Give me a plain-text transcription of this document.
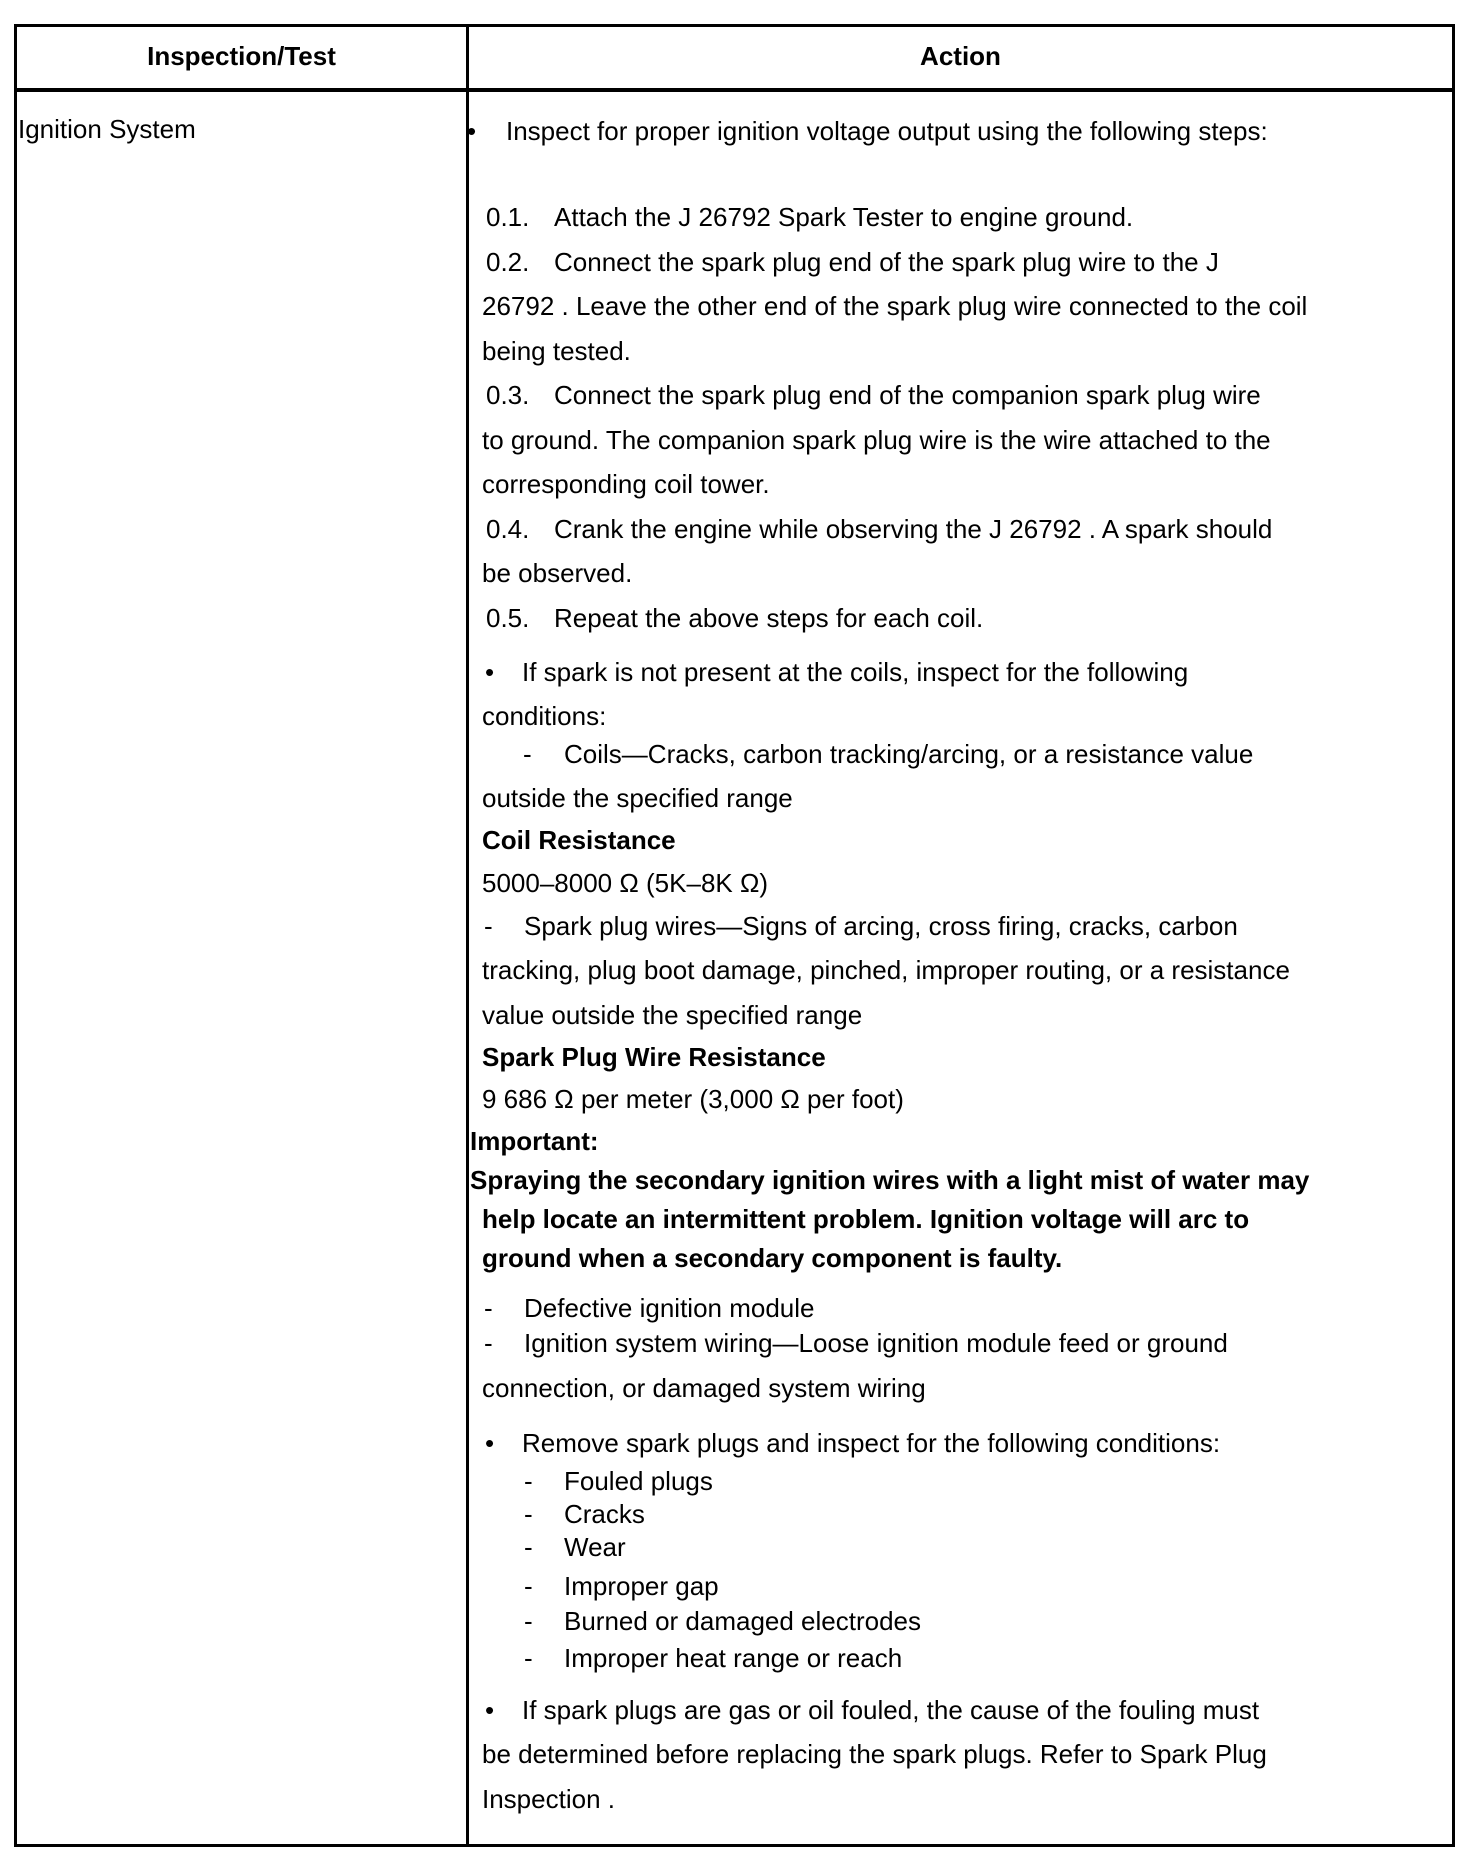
Inspection/Test	Action
Ignition System	• Inspect for proper ignition voltage output using the following steps:
0.1. Attach the J 26792 Spark Tester to engine ground.
0.2. Connect the spark plug end of the spark plug wire to the J
26792 . Leave the other end of the spark plug wire connected to the coil
being tested.
0.3. Connect the spark plug end of the companion spark plug wire
to ground. The companion spark plug wire is the wire attached to the
corresponding coil tower.
0.4. Crank the engine while observing the J 26792 . A spark should
be observed.
0.5. Repeat the above steps for each coil.
• If spark is not present at the coils, inspect for the following
conditions:
- Coils—Cracks, carbon tracking/arcing, or a resistance value
outside the specified range
Coil Resistance
5000–8000 Ω (5K–8K Ω)
- Spark plug wires—Signs of arcing, cross firing, cracks, carbon
tracking, plug boot damage, pinched, improper routing, or a resistance
value outside the specified range
Spark Plug Wire Resistance
9 686 Ω per meter (3,000 Ω per foot)
Important:
Spraying the secondary ignition wires with a light mist of water may
help locate an intermittent problem. Ignition voltage will arc to
ground when a secondary component is faulty.
- Defective ignition module
- Ignition system wiring—Loose ignition module feed or ground
connection, or damaged system wiring
• Remove spark plugs and inspect for the following conditions:
- Fouled plugs
- Cracks
- Wear
- Improper gap
- Burned or damaged electrodes
- Improper heat range or reach
• If spark plugs are gas or oil fouled, the cause of the fouling must
be determined before replacing the spark plugs. Refer to Spark Plug
Inspection .
